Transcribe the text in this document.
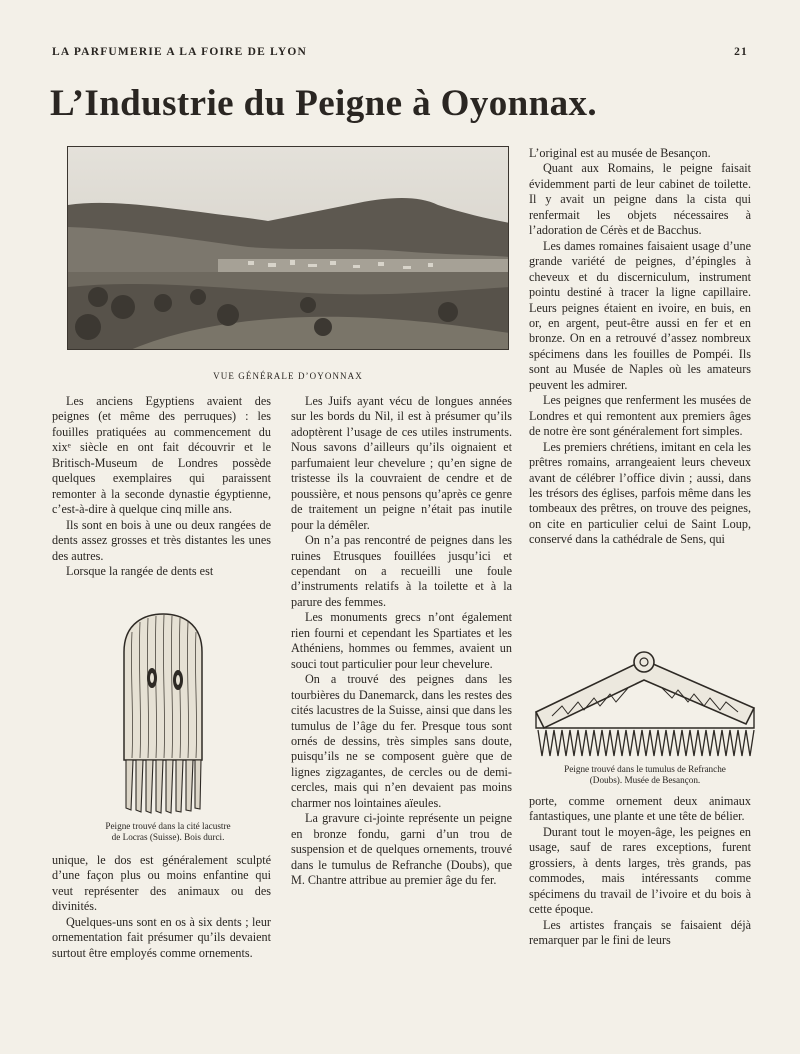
LA PARFUMERIE A LA FOIRE DE LYON	21
L’Industrie du Peigne à Oyonnax.
VUE GÉNÉRALE D’OYONNAX

Les anciens Egyptiens avaient des peignes (et même des perruques) : les fouilles pratiquées au commencement du xixᵉ siècle en ont fait découvrir et le Britisch-Museum de Londres possède quelques exemplaires qui paraissent remonter à la seconde dynastie égyptienne, c’est-à-dire à quelque cinq mille ans.

Ils sont en bois à une ou deux rangées de dents assez grosses et très distantes les unes des autres.

Lorsque la rangée de dents est

Peigne trouvé dans la cité lacustre
de Locras (Suisse). Bois durci.

unique, le dos est généralement sculpté d’une façon plus ou moins enfantine qui veut représenter des animaux ou des divinités.

Quelques-uns sont en os à six dents ; leur ornementation fait présumer qu’ils devaient surtout être employés comme ornements.

Les Juifs ayant vécu de longues années sur les bords du Nil, il est à présumer qu’ils adoptèrent l’usage de ces utiles instruments. Nous savons d’ailleurs qu’ils oignaient et parfumaient leur chevelure ; qu’en signe de tristesse ils la couvraient de cendre et de poussière, et nous pensons qu’après ce genre de traitement un peigne n’était pas inutile pour la démêler.

On n’a pas rencontré de peignes dans les ruines Etrusques fouillées jusqu’ici et cependant on a recueilli une foule d’instruments relatifs à la toilette et à la parure des femmes.

Les monuments grecs n’ont également rien fourni et cependant les Spartiates et les Athéniens, hommes ou femmes, avaient un souci tout particulier pour leur chevelure.

On a trouvé des peignes dans les tourbières du Danemarck, dans les restes des cités lacustres de la Suisse, ainsi que dans les tumulus de l’âge du fer. Presque tous sont ornés de dessins, très simples sans doute, puisqu’ils ne se composent guère que de lignes zigzagantes, de cercles ou de demi-cercles, mais qui n’en devaient pas moins charmer nos lointaines aïeules.

La gravure ci-jointe représente un peigne en bronze fondu, garni d’un trou de suspension et de quelques ornements, trouvé dans le tumulus de Refranche (Doubs), que M. Chantre attribue au premier âge du fer.

L’original est au musée de Besançon.

Quant aux Romains, le peigne faisait évidemment parti de leur cabinet de toilette. Il y avait un peigne dans la cista qui renfermait les objets nécessaires à l’adoration de Cérès et de Bacchus.

Les dames romaines faisaient usage d’une grande variété de peignes, d’épingles à cheveux et du discerniculum, instrument pointu destiné à tracer la ligne capillaire. Leurs peignes étaient en ivoire, en buis, en or, en argent, peut-être aussi en fer et en bronze. On en a retrouvé d’assez nombreux spécimens dans les fouilles de Pompéi. Ils sont au Musée de Naples où les amateurs peuvent les admirer.

Les peignes que renferment les musées de Londres et qui remontent aux premiers âges de notre ère sont généralement fort simples.

Les premiers chrétiens, imitant en cela les prêtres romains, arrangeaient leurs cheveux avant de célébrer l’office divin ; aussi, dans les trésors des églises, parfois même dans les tombeaux des prêtres, on trouve des peignes, on cite en particulier celui de Saint Loup, conservé dans la cathédrale de Sens, qui

Peigne trouvé dans le tumulus de Refranche
(Doubs). Musée de Besançon.

porte, comme ornement deux animaux fantastiques, une plante et une tête de bélier.

Durant tout le moyen-âge, les peignes en usage, sauf de rares exceptions, furent grossiers, à dents larges, très grands, pas commodes, mais intéressants comme spécimens du travail de l’ivoire et du bois à cette époque.

Les artistes français se faisaient déjà remarquer par le fini de leurs
